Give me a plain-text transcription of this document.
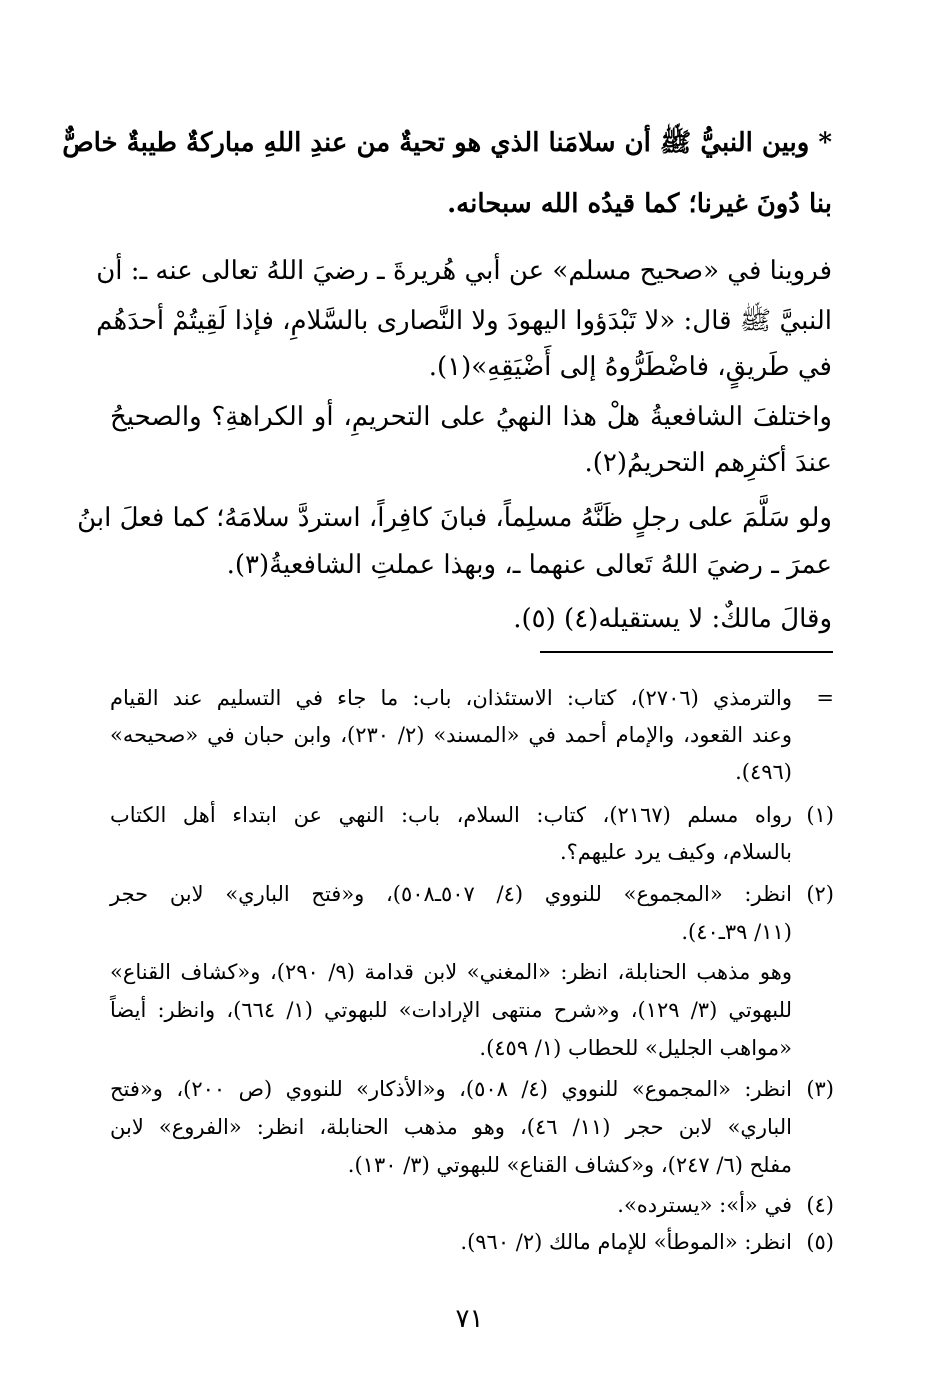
* وبين النبيُّ ﷺ أن سلامَنا الذي هو تحيةٌ من عندِ اللهِ مباركةٌ طيبةٌ خاصٌّ
بنا دُونَ غيرنا؛ كما قيدُه الله سبحانه.
فروينا في «صحيح مسلم» عن أبي هُريرةَ ـ رضيَ اللهُ تعالى عنه ـ: أن
النبيَّ ﷺ قال: «لا تَبْدَؤوا اليهودَ ولا النَّصارى بالسَّلامِ، فإذا لَقِيتُمْ أحدَهُم
في طَريقٍ، فاضْطَرُّوهُ إلى أَضْيَقِهِ»(١).
واختلفَ الشافعيةُ هلْ هذا النهيُ على التحريمِ، أو الكراهةِ؟ والصحيحُ
عندَ أكثرِهم التحريمُ(٢).
ولو سَلَّمَ على رجلٍ ظَنَّهُ مسلِماً، فبانَ كافِراً، استردَّ سلامَهُ؛ كما فعلَ ابنُ
عمرَ ـ رضيَ اللهُ تَعالى عنهما ـ، وبهذا عملتِ الشافعيةُ(٣).
وقالَ مالكٌ: لا يستقيله(٤) (٥).
=
والترمذي (٢٧٠٦)، كتاب: الاستئذان، باب: ما جاء في التسليم عند القيام
وعند القعود، والإمام أحمد في «المسند» (٢/ ٢٣٠)، وابن حبان في «صحيحه»
(٤٩٦).
(١)
رواه مسلم (٢١٦٧)، كتاب: السلام، باب: النهي عن ابتداء أهل الكتاب
بالسلام، وكيف يرد عليهم؟.
(٢)
انظر: «المجموع» للنووي (٤/ ٥٠٧ـ٥٠٨)، و«فتح الباري» لابن حجر
(١١/ ٣٩ـ٤٠).
وهو مذهب الحنابلة، انظر: «المغني» لابن قدامة (٩/ ٢٩٠)، و«كشاف القناع»
للبهوتي (٣/ ١٢٩)، و«شرح منتهى الإرادات» للبهوتي (١/ ٦٦٤)، وانظر: أيضاً
«مواهب الجليل» للحطاب (١/ ٤٥٩).
(٣)
انظر: «المجموع» للنووي (٤/ ٥٠٨)، و«الأذكار» للنووي (ص ٢٠٠)، و«فتح
الباري» لابن حجر (١١/ ٤٦)، وهو مذهب الحنابلة، انظر: «الفروع» لابن
مفلح (٦/ ٢٤٧)، و«كشاف القناع» للبهوتي (٣/ ١٣٠).
(٤)
في «أ»: «يسترده».
(٥)
انظر: «الموطأ» للإمام مالك (٢/ ٩٦٠).
٧١
